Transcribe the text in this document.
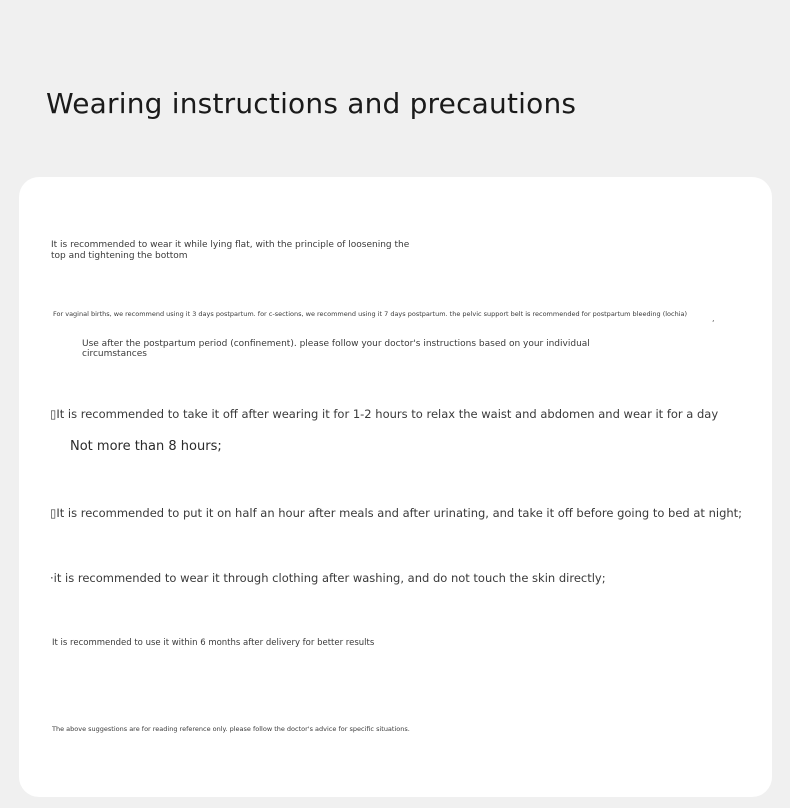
Wearing instructions and precautions

It is recommended to wear it while lying flat, with the principle of loosening the top and tightening the bottom

For vaginal births, we recommend using it 3 days postpartum. for c-sections, we recommend using it 7 days postpartum. the pelvic support belt is recommended for postpartum bleeding (lochia)	,

Use after the postpartum period (confinement). please follow your doctor's instructions based on your individual circumstances

▯It is recommended to take it off after wearing it for 1-2 hours to relax the waist and abdomen and wear it for a day

Not more than 8 hours;

▯It is recommended to put it on half an hour after meals and after urinating, and take it off before going to bed at night;

·it is recommended to wear it through clothing after washing, and do not touch the skin directly;

It is recommended to use it within 6 months after delivery for better results

The above suggestions are for reading reference only. please follow the doctor's advice for specific situations.
